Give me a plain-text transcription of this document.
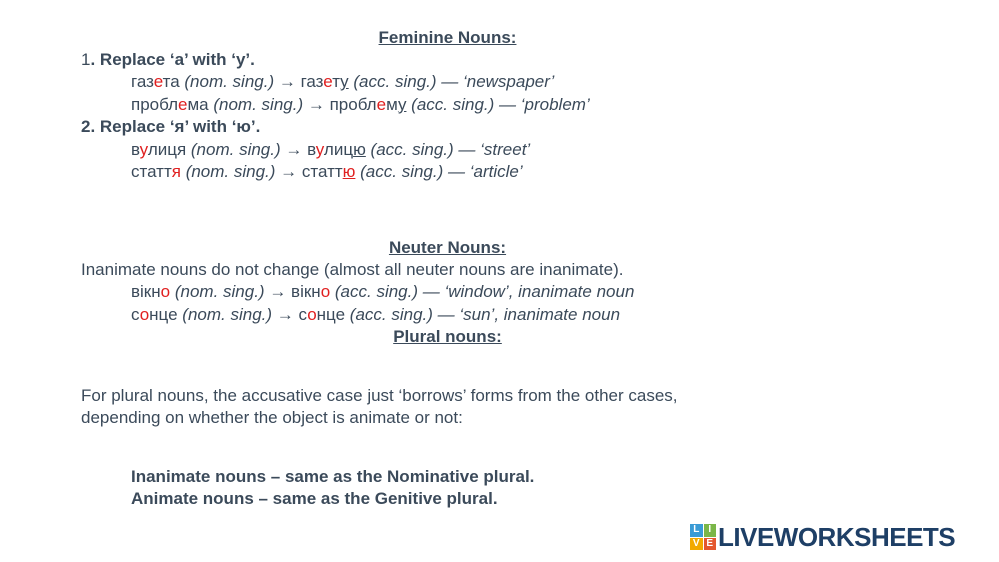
Feminine Nouns:
1. Replace ‘а’ with ‘у’.
газета (nom. sing.) → газету (acc. sing.) — ‘newspaper’
проблема (nom. sing.) → проблему (acc. sing.) — ‘problem’
2. Replace ‘я’ with ‘ю’.
вулиця (nom. sing.) → вулицю (acc. sing.) — ‘street’
стаття (nom. sing.) → статтю (acc. sing.) — ‘article’
Neuter Nouns:
Inanimate nouns do not change (almost all neuter nouns are inanimate).
вікно (nom. sing.) → вікно (acc. sing.) — ‘window’, inanimate noun
сонце (nom. sing.) → сонце (acc. sing.) — ‘sun’, inanimate noun
Plural nouns:
For plural nouns, the accusative case just ‘borrows’ forms from the other cases,
depending on whether the object is animate or not:
Inanimate nouns – same as the Nominative plural.
Animate nouns – same as the Genitive plural.
L I
V E LIVEWORKSHEETS
